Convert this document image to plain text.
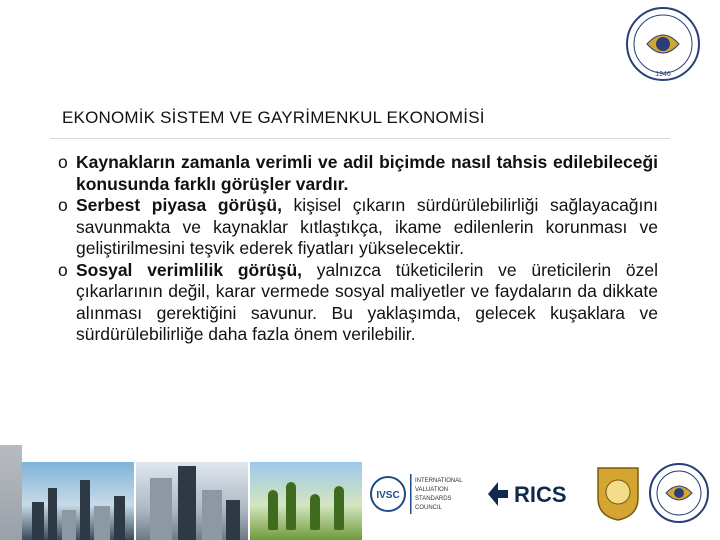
1946
EKONOMİK SİSTEM VE GAYRİMENKUL EKONOMİSİ

o Kaynakların zamanla verimli ve adil biçimde nasıl tahsis edilebileceği konusunda farklı görüşler vardır.

o Serbest piyasa görüşü, kişisel çıkarın sürdürülebilirliği sağlayacağını savunmakta ve kaynaklar kıtlaştıkça, ikame edilenlerin korunması ve geliştirilmesini teşvik ederek fiyatları yükselecektir.

o Sosyal verimlilik görüşü, yalnızca tüketicilerin ve üreticilerin özel çıkarlarının değil, karar vermede sosyal maliyetler ve faydaların da dikkate alınması gerektiğini savunur. Bu yaklaşımda, gelecek kuşaklara ve sürdürülebilirliğe daha fazla önem verilebilir.

IVSC
INTERNATIONAL
VALUATION
STANDARDS
COUNCIL
RICS
